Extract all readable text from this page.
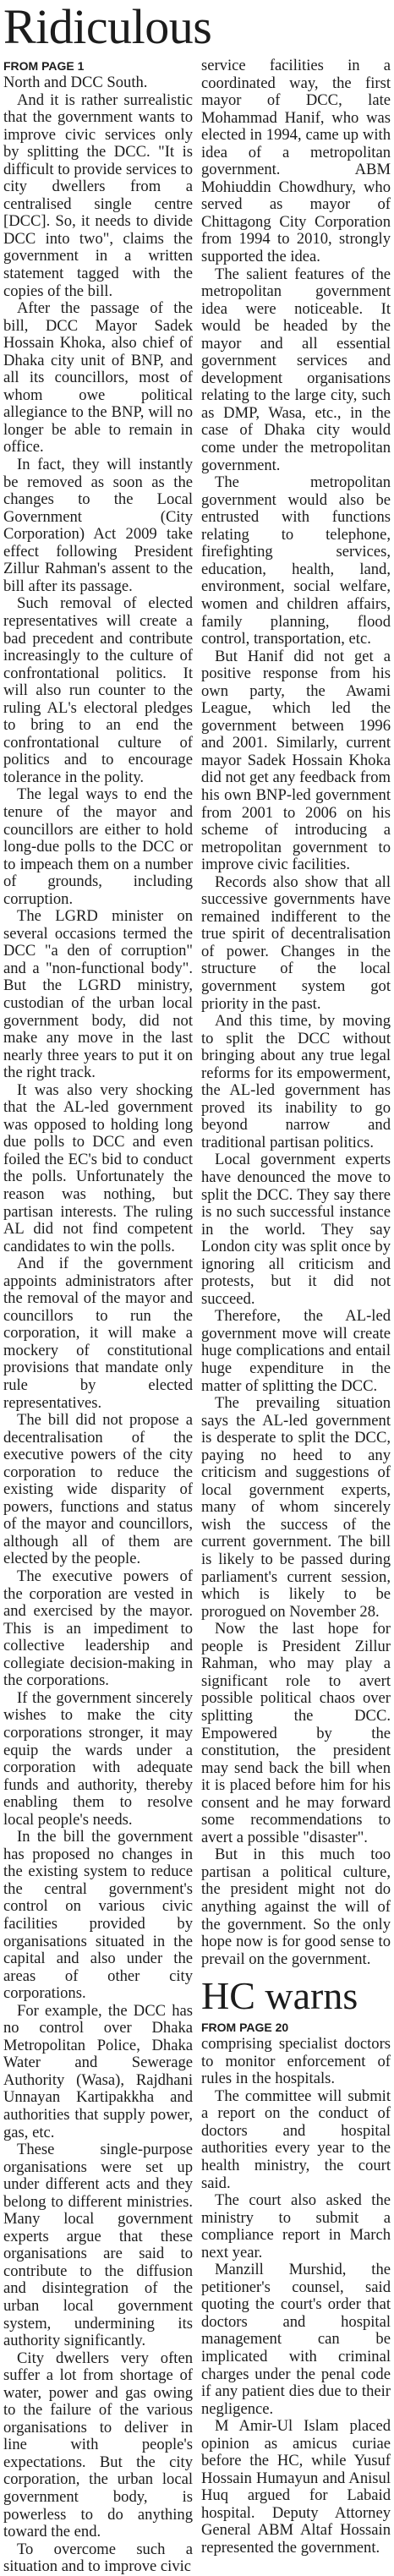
Ridiculous
FROM PAGE 1

North and DCC South.

And it is rather surrealistic that the government wants to improve civic services only by splitting the DCC. "It is difficult to provide services to city dwellers from a centralised single centre [DCC]. So, it needs to divide DCC into two", claims the government in a written statement tagged with the copies of the bill.

After the passage of the bill, DCC Mayor Sadek Hossain Khoka, also chief of Dhaka city unit of BNP, and all its councillors, most of whom owe political allegiance to the BNP, will no longer be able to remain in office.

In fact, they will instantly be removed as soon as the changes to the Local Government (City Corporation) Act 2009 take effect following President Zillur Rahman's assent to the bill after its passage.

Such removal of elected representatives will create a bad precedent and contribute increasingly to the culture of confrontational politics. It will also run counter to the ruling AL's electoral pledges to bring to an end the confrontational culture of politics and to encourage tolerance in the polity.

The legal ways to end the tenure of the mayor and councillors are either to hold long-due polls to the DCC or to impeach them on a number of grounds, including corruption.

The LGRD minister on several occasions termed the DCC "a den of corruption" and a "non-functional body". But the LGRD ministry, custodian of the urban local government body, did not make any move in the last nearly three years to put it on the right track.

It was also very shocking that the AL-led government was opposed to holding long due polls to DCC and even foiled the EC's bid to conduct the polls. Unfortunately the reason was nothing, but partisan interests. The ruling AL did not find competent candidates to win the polls.

And if the government appoints administrators after the removal of the mayor and councillors to run the corporation, it will make a mockery of constitutional provisions that mandate only rule by elected representatives.

The bill did not propose a decentralisation of the executive powers of the city corporation to reduce the existing wide disparity of powers, functions and status of the mayor and councillors, although all of them are elected by the people.

The executive powers of the corporation are vested in and exercised by the mayor. This is an impediment to collective leadership and collegiate decision-making in the corporations.

If the government sincerely wishes to make the city corporations stronger, it may equip the wards under a corporation with adequate funds and authority, thereby enabling them to resolve local people's needs.

In the bill the government has proposed no changes in the existing system to reduce the central government's control on various civic facilities provided by organisations situated in the capital and also under the areas of other city corporations.

For example, the DCC has no control over Dhaka Metropolitan Police, Dhaka Water and Sewerage Authority (Wasa), Rajdhani Unnayan Kartipakkha and authorities that supply power, gas, etc.

These single-purpose organisations were set up under different acts and they belong to different ministries. Many local government experts argue that these organisations are said to contribute to the diffusion and disintegration of the urban local government system, undermining its authority significantly.

City dwellers very often suffer a lot from shortage of water, power and gas owing to the failure of the various organisations to deliver in line with people's expectations. But the city corporation, the urban local government body, is powerless to do anything toward the end.

To overcome such a situation and to improve civic

service facilities in a coordinated way, the first mayor of DCC, late Mohammad Hanif, who was elected in 1994, came up with idea of a metropolitan government. ABM Mohiuddin Chowdhury, who served as mayor of Chittagong City Corporation from 1994 to 2010, strongly supported the idea.

The salient features of the metropolitan government idea were noticeable. It would be headed by the mayor and all essential government services and development organisations relating to the large city, such as DMP, Wasa, etc., in the case of Dhaka city would come under the metropolitan government.

The metropolitan government would also be entrusted with functions relating to telephone, firefighting services, education, health, land, environment, social welfare, women and children affairs, family planning, flood control, transportation, etc.

But Hanif did not get a positive response from his own party, the Awami League, which led the government between 1996 and 2001. Similarly, current mayor Sadek Hossain Khoka did not get any feedback from his own BNP-led government from 2001 to 2006 on his scheme of introducing a metropolitan government to improve civic facilities.

Records also show that all successive governments have remained indifferent to the true spirit of decentralisation of power. Changes in the structure of the local government system got priority in the past.

And this time, by moving to split the DCC without bringing about any true legal reforms for its empowerment, the AL-led government has proved its inability to go beyond narrow and traditional partisan politics.

Local government experts have denounced the move to split the DCC. They say there is no such successful instance in the world. They say London city was split once by ignoring all criticism and protests, but it did not succeed.

Therefore, the AL-led government move will create huge complications and entail huge expenditure in the matter of splitting the DCC.

The prevailing situation says the AL-led government is desperate to split the DCC, paying no heed to any criticism and suggestions of local government experts, many of whom sincerely wish the success of the current government. The bill is likely to be passed during parliament's current session, which is likely to be prorogued on November 28.

Now the last hope for people is President Zillur Rahman, who may play a significant role to avert possible political chaos over splitting the DCC. Empowered by the constitution, the president may send back the bill when it is placed before him for his consent and he may forward some recommendations to avert a possible "disaster".

But in this much too partisan a political culture, the president might not do anything against the will of the government. So the only hope now is for good sense to prevail on the government.

HC warns
FROM PAGE 20

comprising specialist doctors to monitor enforcement of rules in the hospitals.

The committee will submit a report on the conduct of doctors and hospital authorities every year to the health ministry, the court said.

The court also asked the ministry to submit a compliance report in March next year.

Manzill Murshid, the petitioner's counsel, said quoting the court's order that doctors and hospital management can be implicated with criminal charges under the penal code if any patient dies due to their negligence.

M Amir-Ul Islam placed opinion as amicus curiae before the HC, while Yusuf Hossain Humayun and Anisul Huq argued for Labaid hospital. Deputy Attorney General ABM Altaf Hossain represented the government.
